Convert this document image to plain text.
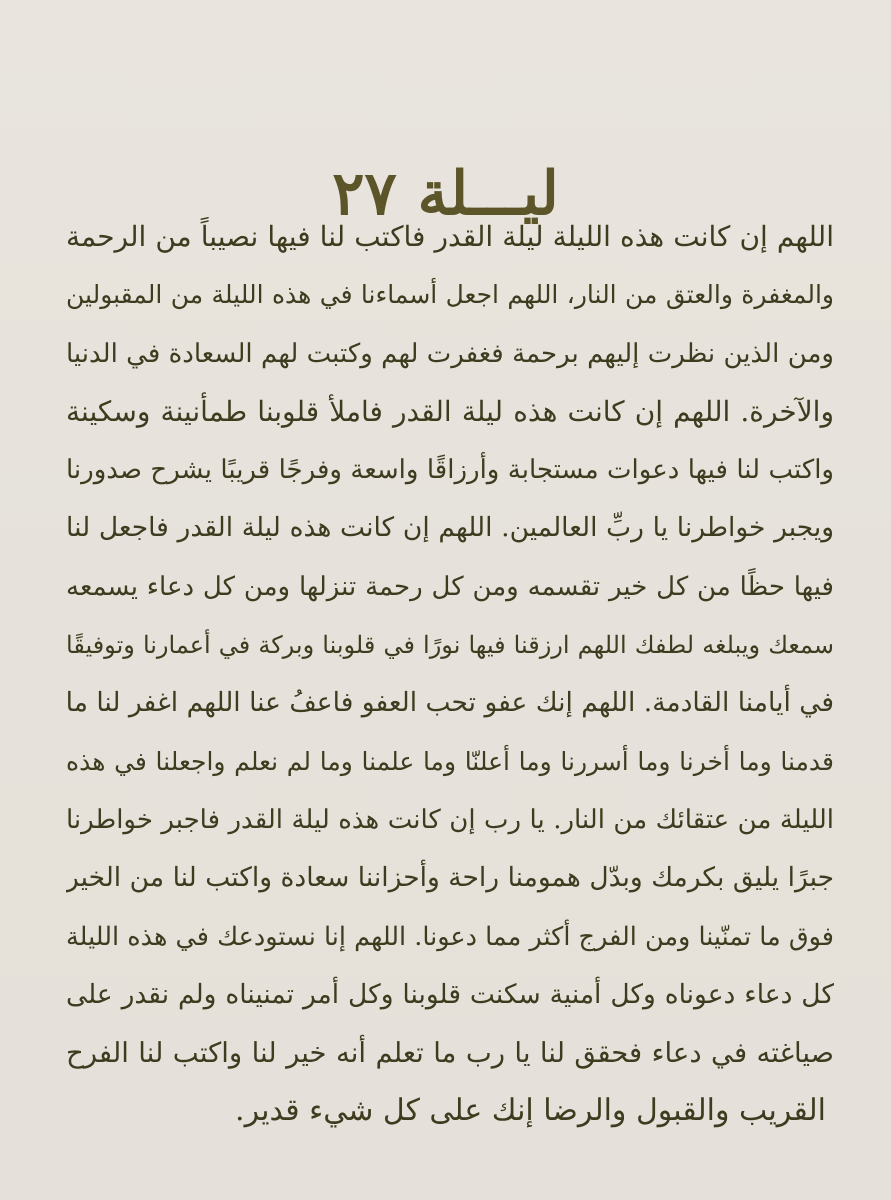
ليـــلة ٢٧
اللهم إن كانت هذه الليلة ليلة القدر فاكتب لنا فيها نصيباً من الرحمة
والمغفرة والعتق من النار، اللهم اجعل أسماءنا في هذه الليلة من المقبولين
ومن الذين نظرت إليهم برحمة فغفرت لهم وكتبت لهم السعادة في الدنيا
والآخرة. اللهم إن كانت هذه ليلة القدر فاملأ قلوبنا طمأنينة وسكينة
واكتب لنا فيها دعوات مستجابة وأرزاقًا واسعة وفرجًا قريبًا يشرح صدورنا
ويجبر خواطرنا يا ربِّ العالمين. اللهم إن كانت هذه ليلة القدر فاجعل لنا
فيها حظًا من كل خير تقسمه ومن كل رحمة تنزلها ومن كل دعاء يسمعه
سمعك ويبلغه لطفك اللهم ارزقنا فيها نورًا في قلوبنا وبركة في أعمارنا وتوفيقًا
في أيامنا القادمة. اللهم إنك عفو تحب العفو فاعفُ عنا اللهم اغفر لنا ما
قدمنا وما أخرنا وما أسررنا وما أعلنّا وما علمنا وما لم نعلم واجعلنا في هذه
الليلة من عتقائك من النار. يا رب إن كانت هذه ليلة القدر فاجبر خواطرنا
جبرًا يليق بكرمك وبدّل همومنا راحة وأحزاننا سعادة واكتب لنا من الخير
فوق ما تمنّينا ومن الفرج أكثر مما دعونا. اللهم إنا نستودعك في هذه الليلة
كل دعاء دعوناه وكل أمنية سكنت قلوبنا وكل أمر تمنيناه ولم نقدر على
صياغته في دعاء فحقق لنا يا رب ما تعلم أنه خير لنا واكتب لنا الفرح
القريب والقبول والرضا إنك على كل شيء قدير.
